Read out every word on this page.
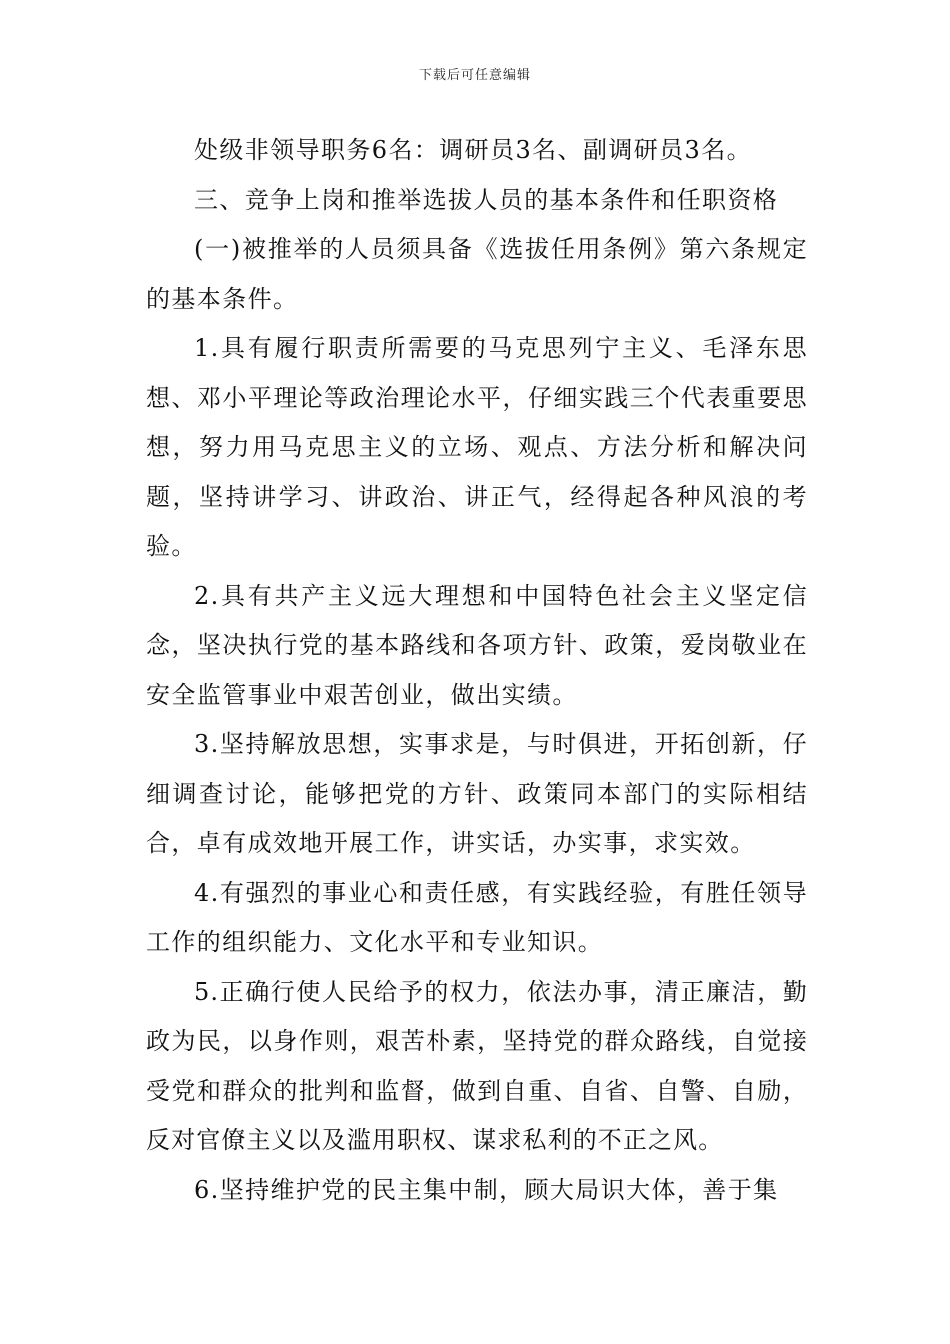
下载后可任意编辑

处级非领导职务6名：调研员3名、副调研员3名。

三、竞争上岗和推举选拔人员的基本条件和任职资格

(一)被推举的人员须具备《选拔任用条例》第六条规定的基本条件。

1.具有履行职责所需要的马克思列宁主义、毛泽东思想、邓小平理论等政治理论水平，仔细实践三个代表重要思想，努力用马克思主义的立场、观点、方法分析和解决问题，坚持讲学习、讲政治、讲正气，经得起各种风浪的考验。

2.具有共产主义远大理想和中国特色社会主义坚定信念，坚决执行党的基本路线和各项方针、政策，爱岗敬业在安全监管事业中艰苦创业，做出实绩。

3.坚持解放思想，实事求是，与时俱进，开拓创新，仔细调查讨论，能够把党的方针、政策同本部门的实际相结合，卓有成效地开展工作，讲实话，办实事，求实效。

4.有强烈的事业心和责任感，有实践经验，有胜任领导工作的组织能力、文化水平和专业知识。

5.正确行使人民给予的权力，依法办事，清正廉洁，勤政为民，以身作则，艰苦朴素，坚持党的群众路线，自觉接受党和群众的批判和监督，做到自重、自省、自警、自励，反对官僚主义以及滥用职权、谋求私利的不正之风。

6.坚持维护党的民主集中制，顾大局识大体，善于集
